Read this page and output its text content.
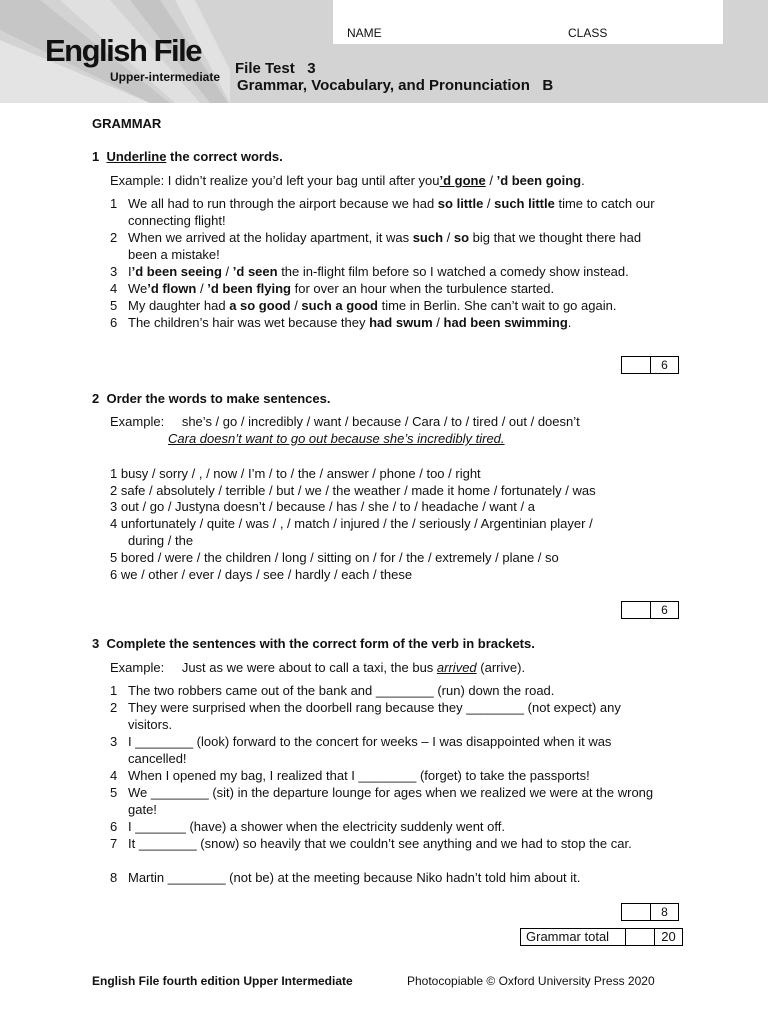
English File
Upper-intermediate
NAME	CLASS
File Test   3
Grammar, Vocabulary, and Pronunciation   B
GRAMMAR
1 Underline the correct words.
Example: I didn’t realize you’d left your bag until after you’d gone / ’d been going.
1 We all had to run through the airport because we had so little / such little time to catch our connecting flight!
2 When we arrived at the holiday apartment, it was such / so big that we thought there had been a mistake!
3 I’d been seeing / ’d seen the in-flight film before so I watched a comedy show instead.
4 We’d flown / ’d been flying for over an hour when the turbulence started.
5 My daughter had a so good / such a good time in Berlin. She can’t wait to go again.
6 The children’s hair was wet because they had swum / had been swimming.
6
2 Order the words to make sentences.
Example: she’s / go / incredibly / want / because / Cara / to / tired / out / doesn’t
Cara doesn’t want to go out because she’s incredibly tired.
1 busy / sorry / , / now / I’m / to / the / answer / phone / too / right
2 safe / absolutely / terrible / but / we / the weather / made it home / fortunately / was
3 out / go / Justyna doesn’t / because / has / she / to / headache / want / a
4 unfortunately / quite / was / , / match / injured / the / seriously / Argentinian player /
during / the
5 bored / were / the children / long / sitting on / for / the / extremely / plane / so
6 we / other / ever / days / see / hardly / each / these
6
3 Complete the sentences with the correct form of the verb in brackets.
Example: Just as we were about to call a taxi, the bus arrived (arrive).
1 The two robbers came out of the bank and ________ (run) down the road.
2 They were surprised when the doorbell rang because they ________ (not expect) any visitors.
3 I ________ (look) forward to the concert for weeks – I was disappointed when it was cancelled!
4 When I opened my bag, I realized that I ________ (forget) to take the passports!
5 We ________ (sit) in the departure lounge for ages when we realized we were at the wrong gate!
6 I _______ (have) a shower when the electricity suddenly went off.
7 It ________ (snow) so heavily that we couldn’t see anything and we had to stop the car.
8 Martin ________ (not be) at the meeting because Niko hadn’t told him about it.
8
Grammar total	20
English File fourth edition Upper Intermediate	Photocopiable © Oxford University Press 2020
